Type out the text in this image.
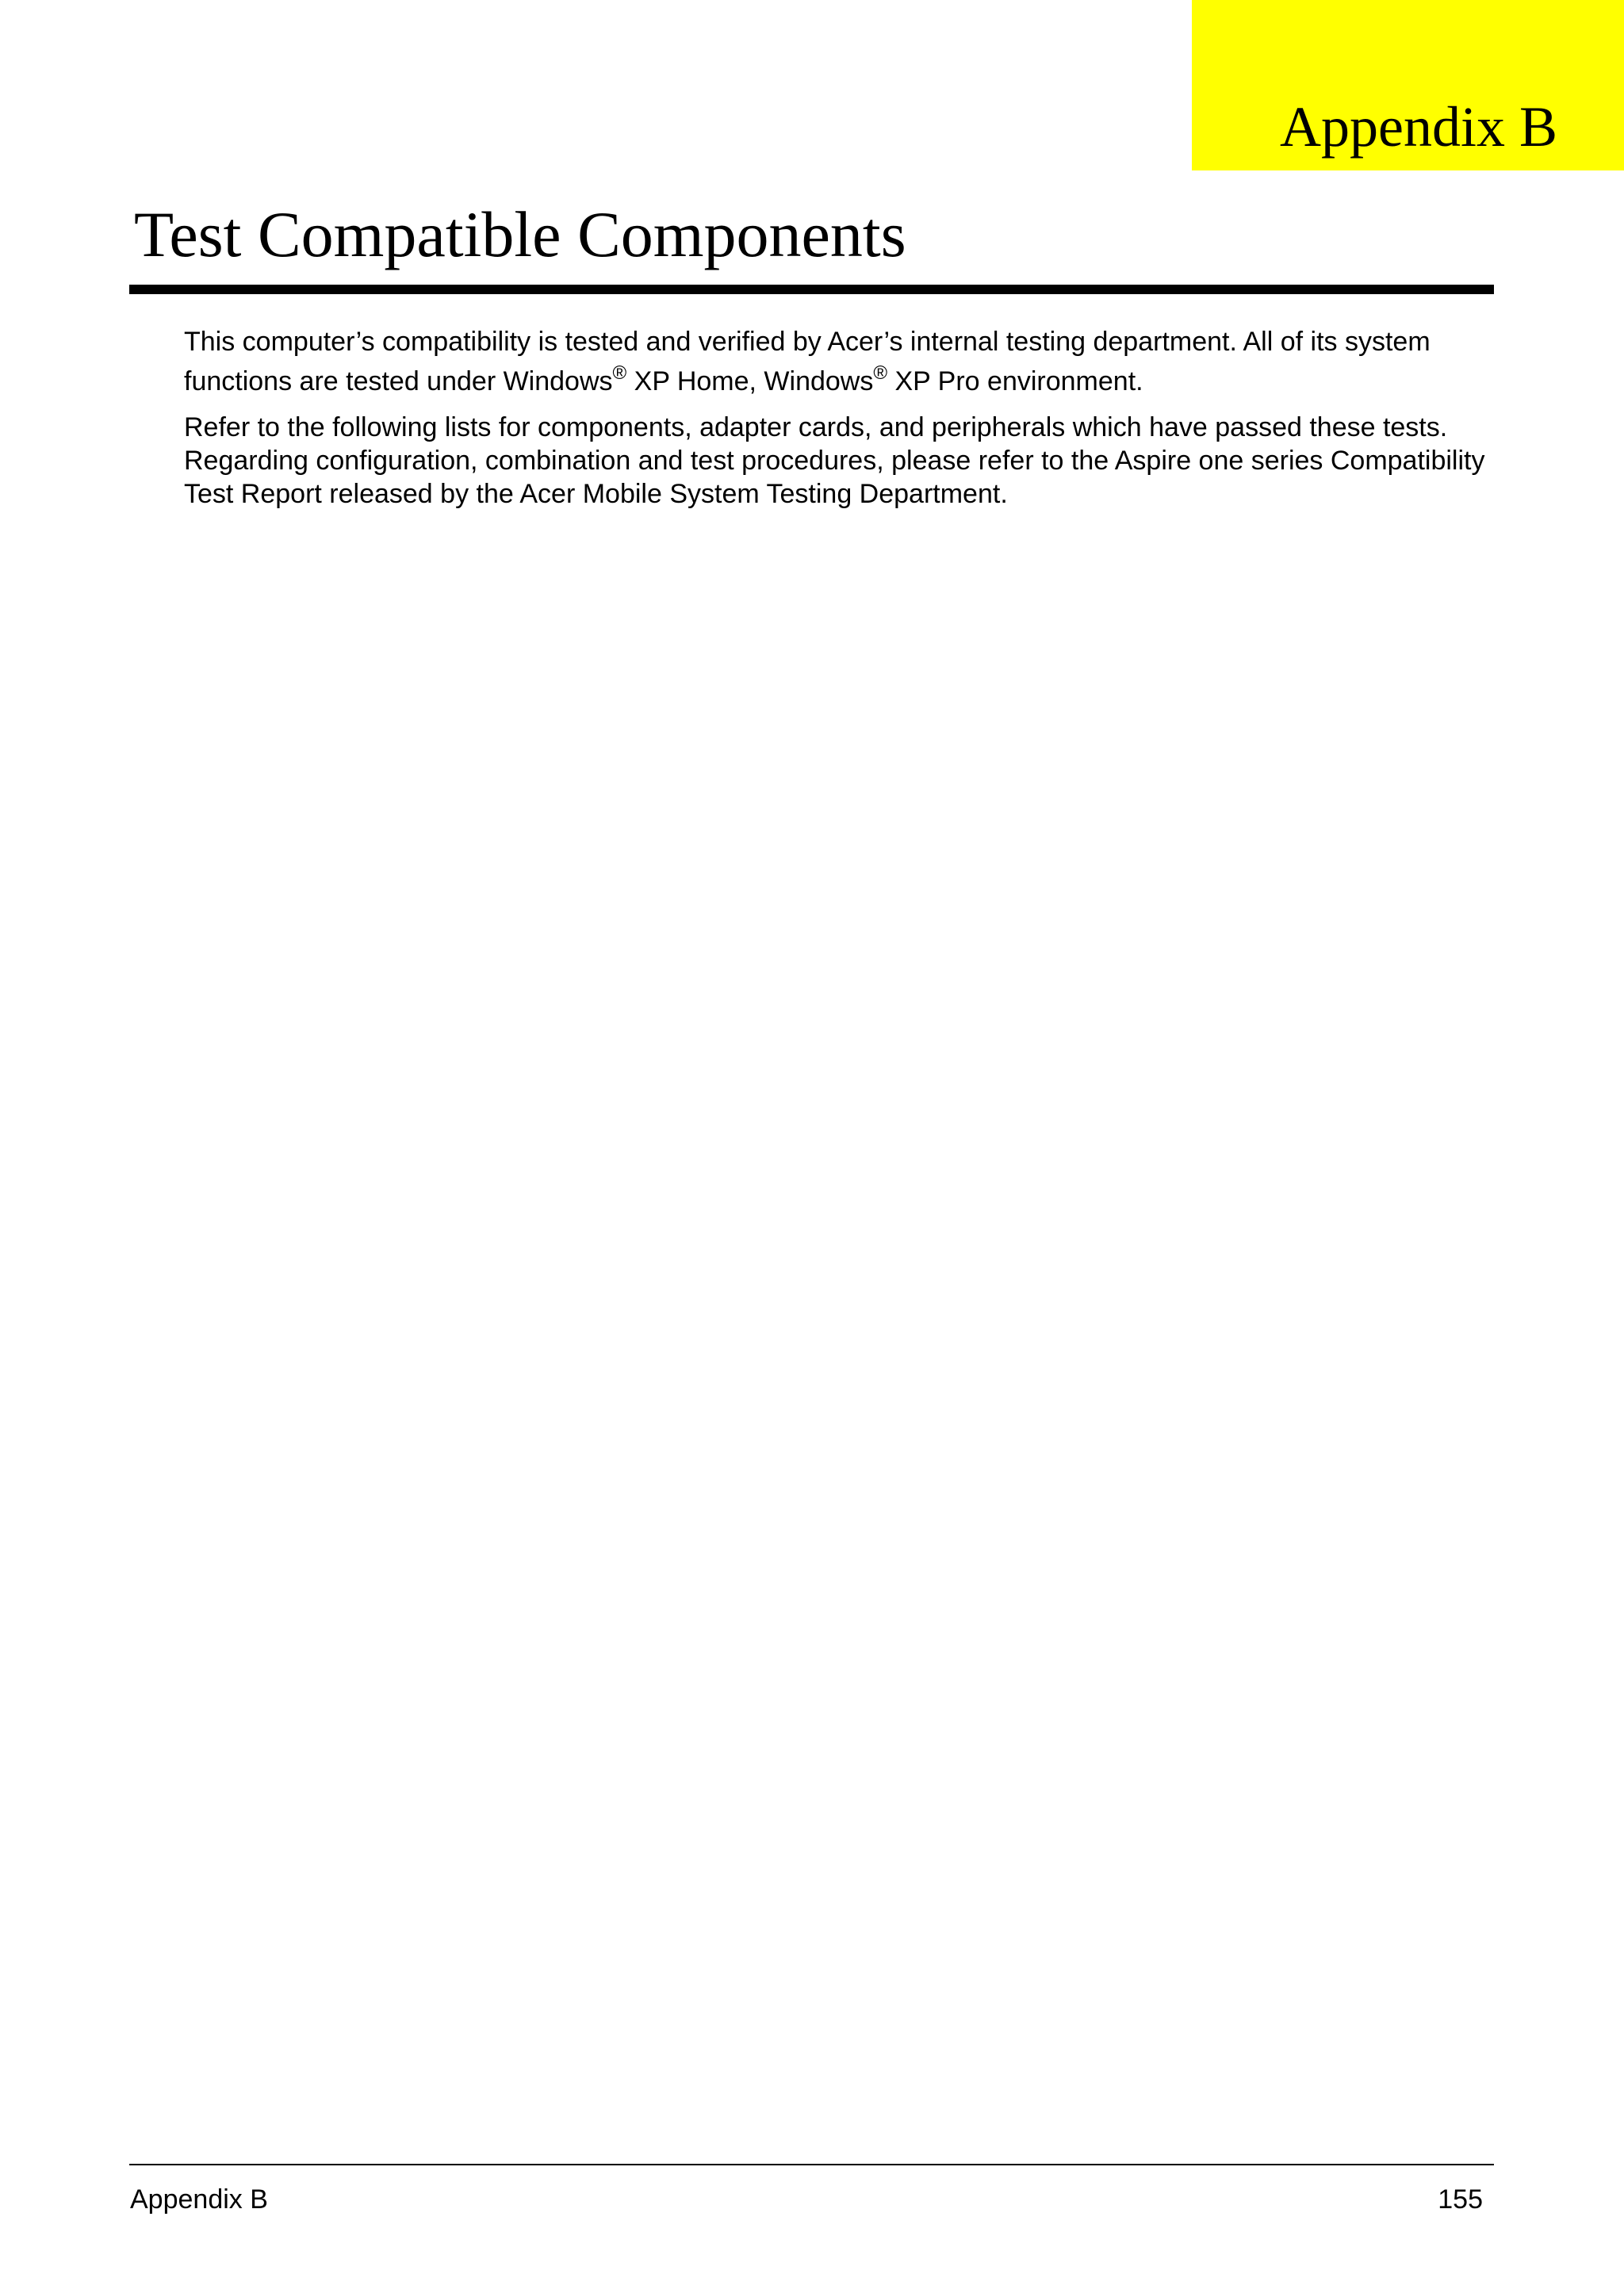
Appendix B
Test Compatible Components

This computer’s compatibility is tested and verified by Acer’s internal testing department. All of its system
functions are tested under Windows® XP Home, Windows® XP Pro environment.

Refer to the following lists for components, adapter cards, and peripherals which have passed these tests.
Regarding configuration, combination and test procedures, please refer to the Aspire one series Compatibility
Test Report released by the Acer Mobile System Testing Department.

Appendix B	155
